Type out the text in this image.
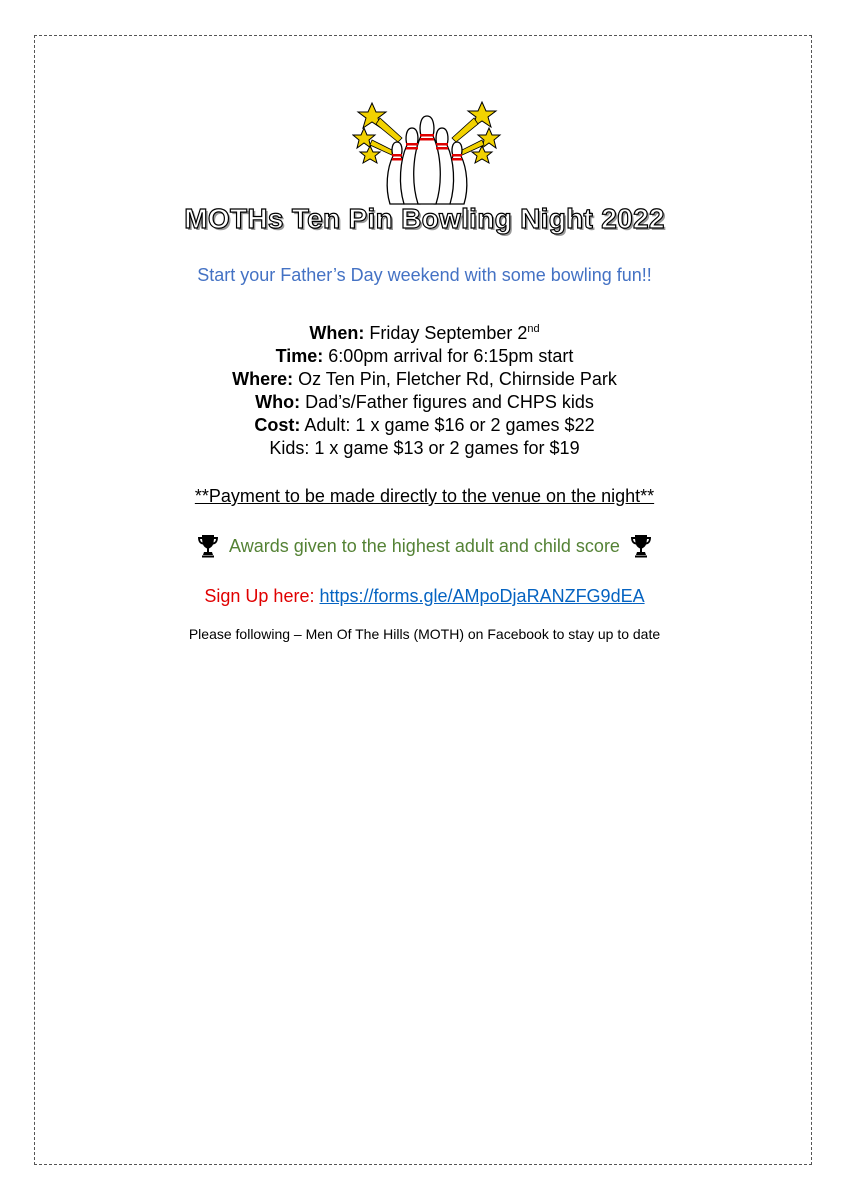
MOTHs Ten Pin Bowling Night 2022
Start your Father’s Day weekend with some bowling fun!!
When: Friday September 2nd
Time: 6:00pm arrival for 6:15pm start
Where: Oz Ten Pin, Fletcher Rd, Chirnside Park
Who: Dad’s/Father figures and CHPS kids
Cost: Adult: 1 x game $16 or 2 games $22
Kids: 1 x game $13 or 2 games for $19
**Payment to be made directly to the venue on the night**
Awards given to the highest adult and child score
Sign Up here: https://forms.gle/AMpoDjaRANZFG9dEA
Please following – Men Of The Hills (MOTH) on Facebook to stay up to date
